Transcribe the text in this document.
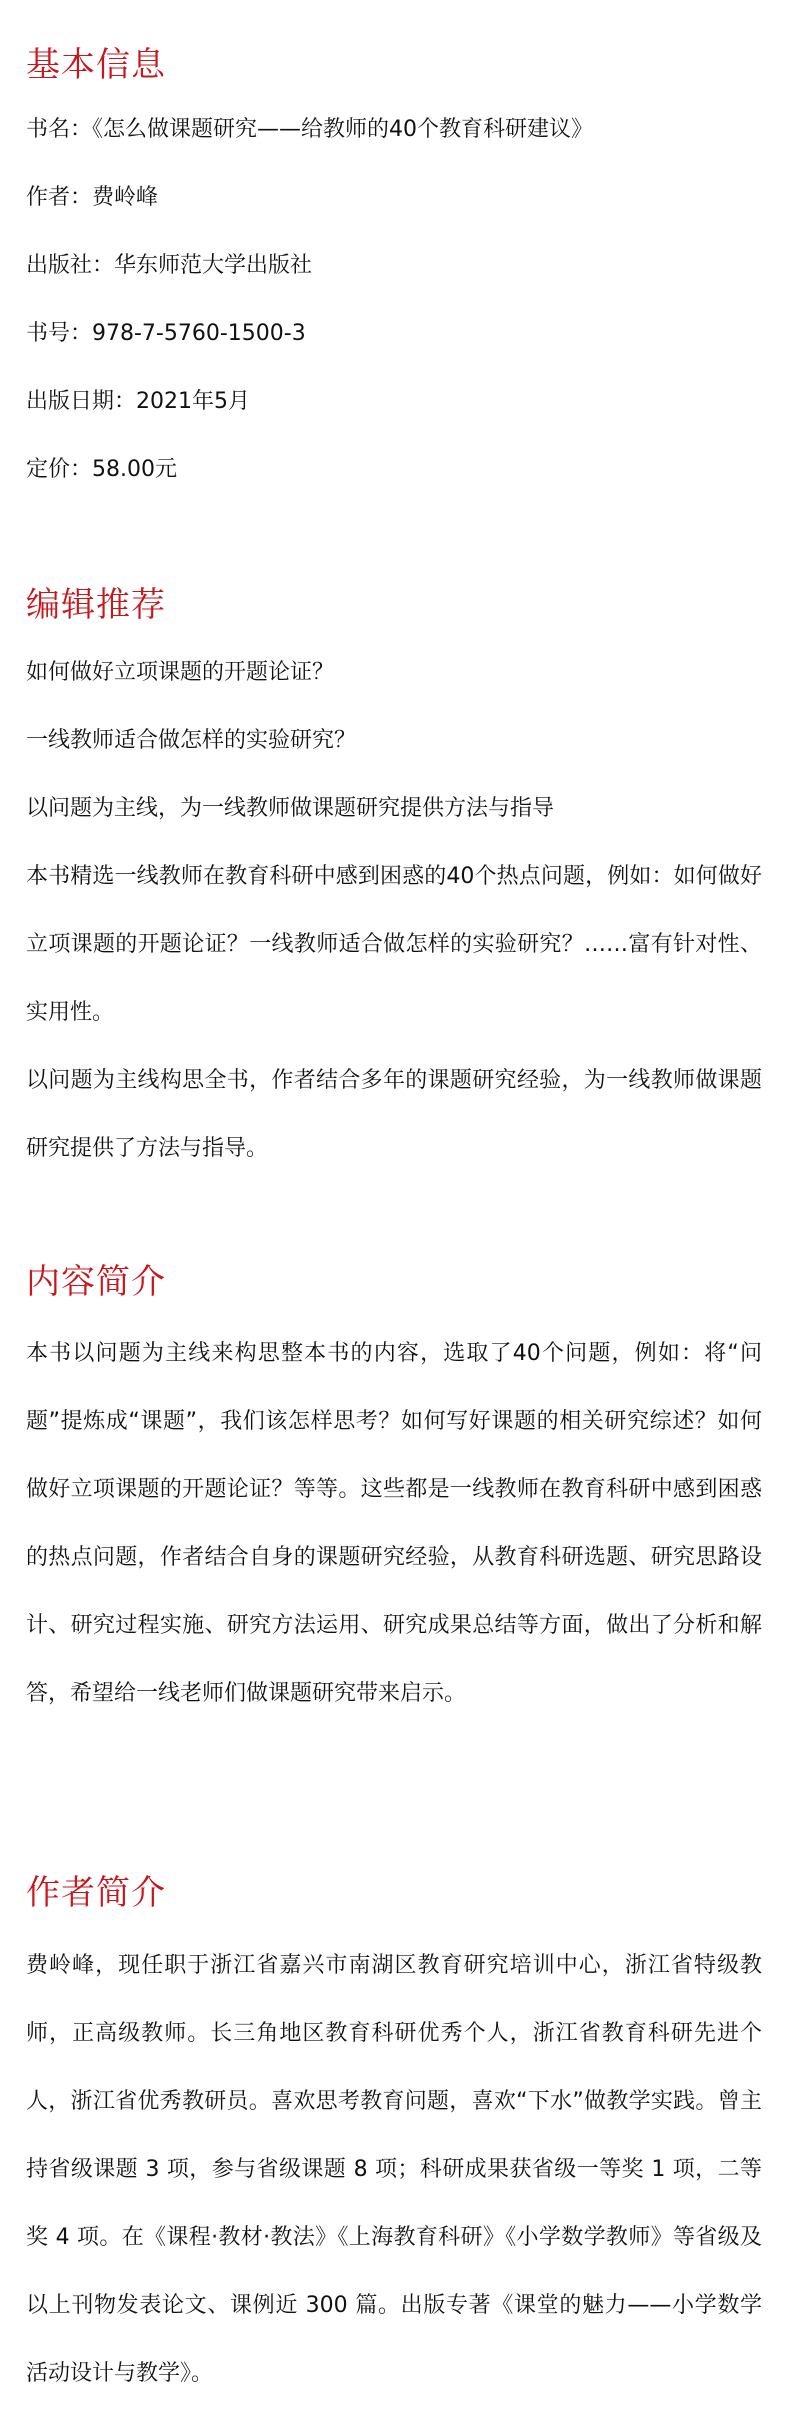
基本信息

书名：《怎么做课题研究——给教师的40个教育科研建议》

作者：费岭峰

出版社：华东师范大学出版社

书号：978-7-5760-1500-3

出版日期：2021年5月

定价：58.00元

编辑推荐

如何做好立项课题的开题论证？

一线教师适合做怎样的实验研究？

以问题为主线，为一线教师做课题研究提供方法与指导

本书精选一线教师在教育科研中感到困惑的40个热点问题，例如：如何做好立项课题的开题论证？一线教师适合做怎样的实验研究？……富有针对性、实用性。

以问题为主线构思全书，作者结合多年的课题研究经验，为一线教师做课题研究提供了方法与指导。

内容简介

本书以问题为主线来构思整本书的内容，选取了40个问题，例如：将“问题”提炼成“课题”，我们该怎样思考？如何写好课题的相关研究综述？如何做好立项课题的开题论证？等等。这些都是一线教师在教育科研中感到困惑的热点问题，作者结合自身的课题研究经验，从教育科研选题、研究思路设计、研究过程实施、研究方法运用、研究成果总结等方面，做出了分析和解答，希望给一线老师们做课题研究带来启示。

作者简介

费岭峰，现任职于浙江省嘉兴市南湖区教育研究培训中心，浙江省特级教师，正高级教师。长三角地区教育科研优秀个人，浙江省教育科研先进个人，浙江省优秀教研员。喜欢思考教育问题，喜欢“下水”做教学实践。曾主持省级课题 3 项，参与省级课题 8 项；科研成果获省级一等奖 1 项，二等奖 4 项。在《课程·教材·教法》《上海教育科研》《小学数学教师》等省级及以上刊物发表论文、课例近 300 篇。出版专著《课堂的魅力——小学数学活动设计与教学》。
